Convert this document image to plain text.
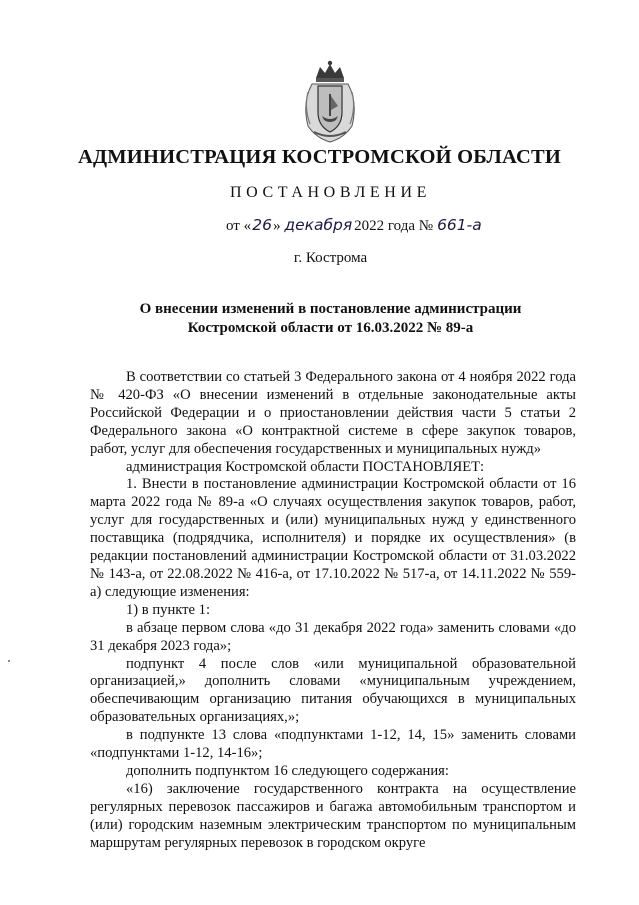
АДМИНИСТРАЦИЯ КОСТРОМСКОЙ ОБЛАСТИ
ПОСТАНОВЛЕНИЕ
от «26» декабря 2022 года № 661-а
г. Кострома
О внесении изменений в постановление администрации
Костромской области от 16.03.2022 № 89-а

В соответствии со статьей 3 Федерального закона от 4 ноября 2022 года № 420-ФЗ «О внесении изменений в отдельные законодательные акты Российской Федерации и о приостановлении действия части 5 статьи 2 Федерального закона «О контрактной системе в сфере закупок товаров, работ, услуг для обеспечения государственных и муниципальных нужд»

администрация Костромской области ПОСТАНОВЛЯЕТ:

1. Внести в постановление администрации Костромской области от 16 марта 2022 года № 89-а «О случаях осуществления закупок товаров, работ, услуг для государственных и (или) муниципальных нужд у единственного поставщика (подрядчика, исполнителя) и порядке их осуществления» (в редакции постановлений администрации Костромской области от 31.03.2022 № 143-а, от 22.08.2022 № 416-а, от 17.10.2022 № 517-а, от 14.11.2022 № 559-а) следующие изменения:

1) в пункте 1:

в абзаце первом слова «до 31 декабря 2022 года» заменить словами «до 31 декабря 2023 года»;

подпункт 4 после слов «или муниципальной образовательной организацией,» дополнить словами «муниципальным учреждением, обеспечивающим организацию питания обучающихся в муниципальных образовательных организациях,»;

в подпункте 13 слова «подпунктами 1-12, 14, 15» заменить словами «подпунктами 1-12, 14-16»;

дополнить подпунктом 16 следующего содержания:

«16) заключение государственного контракта на осуществление регулярных перевозок пассажиров и багажа автомобильным транспортом и (или) городским наземным электрическим транспортом по муниципальным маршрутам регулярных перевозок в городском округе
